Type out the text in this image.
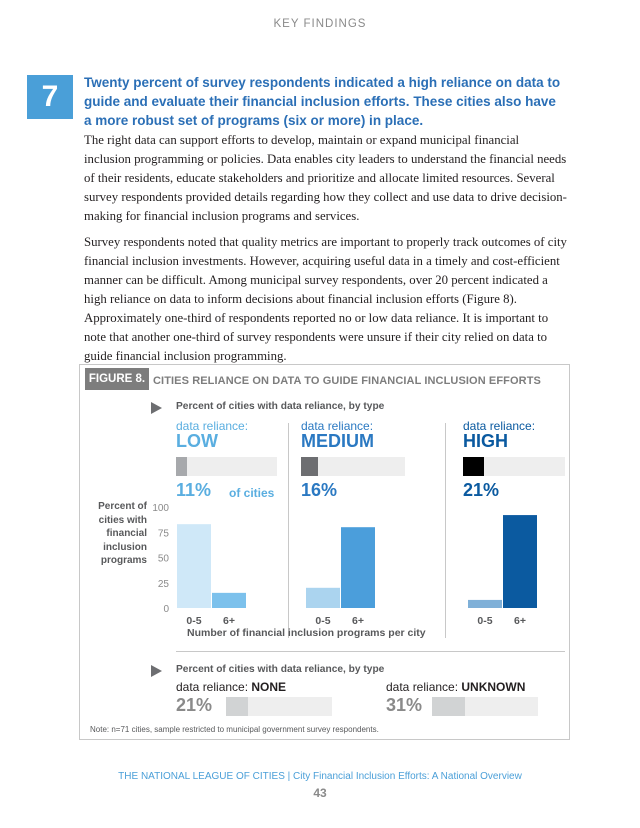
KEY FINDINGS
7	Twenty percent of survey respondents indicated a high reliance on data to guide and evaluate their financial inclusion efforts. These cities also have a more robust set of programs (six or more) in place.
The right data can support efforts to develop, maintain or expand municipal financial inclusion programming or policies. Data enables city leaders to understand the financial needs of their residents, educate stakeholders and prioritize and allocate limited resources. Several survey respondents provided details regarding how they collect and use data to drive decision-making for financial inclusion programs and services.
Survey respondents noted that quality metrics are important to properly track outcomes of city financial inclusion investments. However, acquiring useful data in a timely and cost-efficient manner can be difficult. Among municipal survey respondents, over 20 percent indicated a high reliance on data to inform decisions about financial inclusion efforts (Figure 8). Approximately one-third of respondents reported no or low data reliance. It is important to note that another one-third of survey respondents were unsure if their city relied on data to guide financial inclusion programming.
FIGURE 8. CITIES RELIANCE ON DATA TO GUIDE FINANCIAL INCLUSION EFFORTS
Percent of cities with data reliance, by type
data reliance:
LOW
11% of cities
data reliance:
MEDIUM
16%
data reliance:
HIGH
21%
Percent of cities with financial inclusion programs
0
25
50
75
100
0-5 6+	0-5 6+	0-5 6+
Number of financial inclusion programs per city
Percent of cities with data reliance, by type
data reliance: NONE
21%
data reliance: UNKNOWN
31%
Note: n=71 cities, sample restricted to municipal government survey respondents.
THE NATIONAL LEAGUE OF CITIES | City Financial Inclusion Efforts: A National Overview
43
